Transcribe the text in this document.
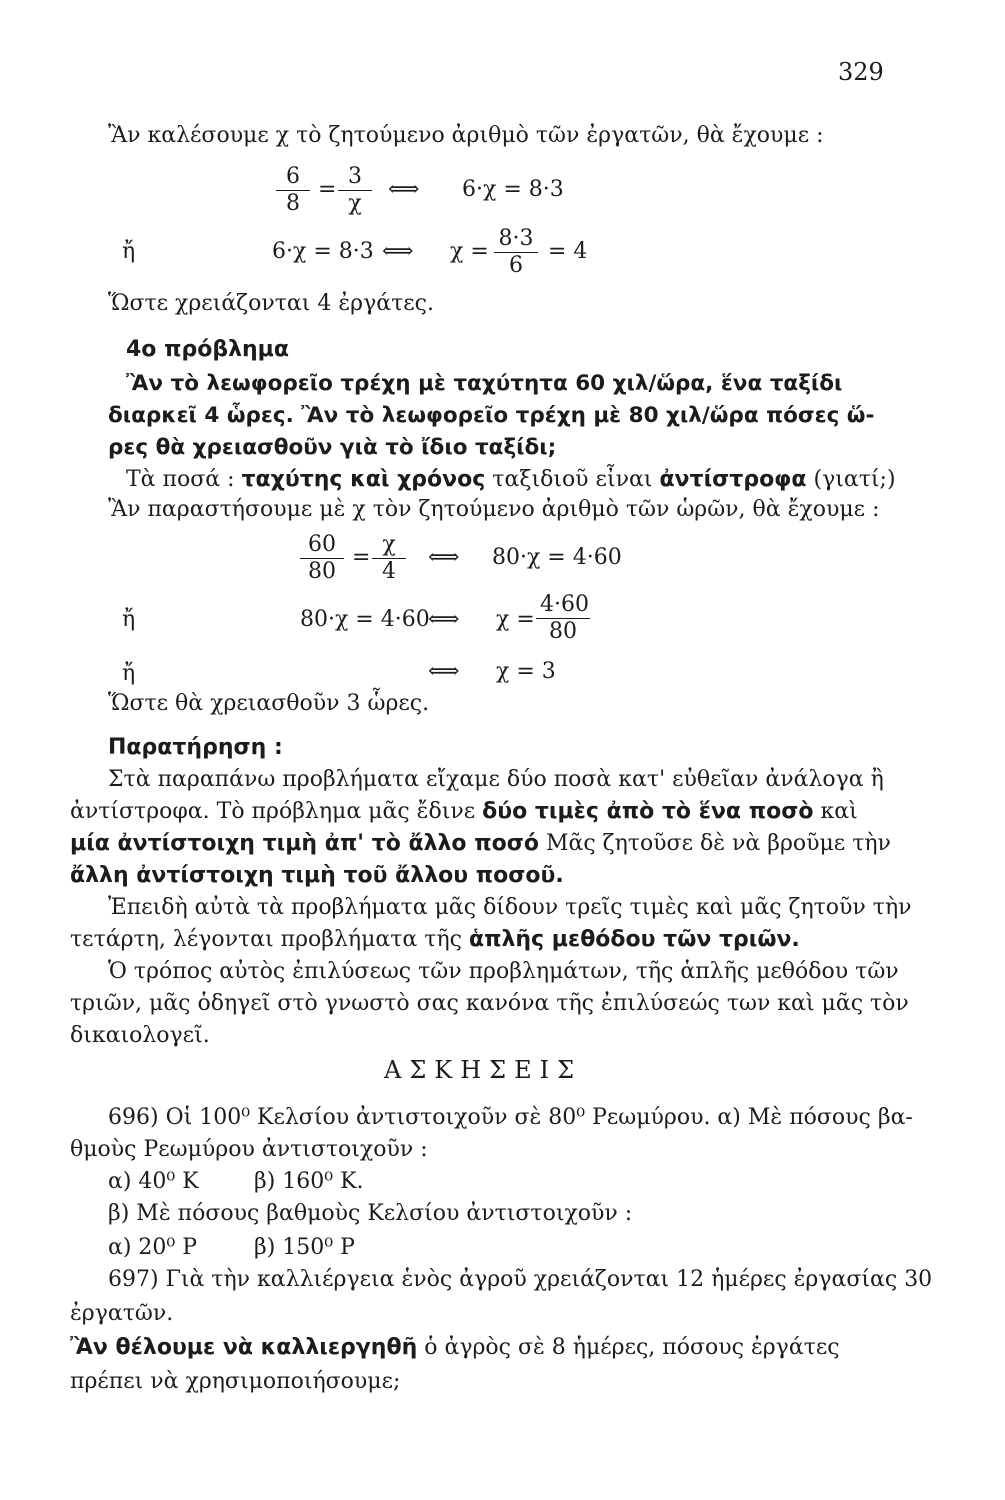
329
Ἂν καλέσουμε χ τὸ ζητούμενο ἀριθμὸ τῶν ἐργατῶν, θὰ ἔχουμε :
$\frac{6}{8} = \frac{3}{\chi}$ ⟺ 6·χ = 8·3
ἤ	6·χ = 8·3 ⟺ $\chi = \frac{8\cdot 3}{6} = 4$
Ὥστε χρειάζονται 4 ἐργάτες.
4ο πρόβλημα
Ἂν τὸ λεωφορεῖο τρέχη μὲ ταχύτητα 60 χιλ/ὥρα, ἕνα ταξίδι
διαρκεῖ 4 ὧρες. Ἂν τὸ λεωφορεῖο τρέχη μὲ 80 χιλ/ὥρα πόσες ὥ-
ρες θὰ χρειασθοῦν γιὰ τὸ ἴδιο ταξίδι;
Τὰ ποσά : ταχύτης καὶ χρόνος ταξιδιοῦ εἶναι ἀντίστροφα (γιατί;)
Ἂν παραστήσουμε μὲ χ τὸν ζητούμενο ἀριθμὸ τῶν ὡρῶν, θὰ ἔχουμε :
$\frac{60}{80} = \frac{\chi}{4}$ ⟺ 80·χ = 4·60
ἤ	80·χ = 4·60
⟺ $\chi = \frac{4\cdot 60}{80}$
ἤ	⟺ χ = 3
Ὥστε θὰ χρειασθοῦν 3 ὧρες.
Παρατήρηση :
Στὰ παραπάνω προβλήματα εἴχαμε δύο ποσὰ κατ' εὐθεῖαν ἀνάλογα ἢ
ἀντίστροφα. Τὸ πρόβλημα μᾶς ἔδινε δύο τιμὲς ἀπὸ τὸ ἕνα ποσὸ καὶ
μία ἀντίστοιχη τιμὴ ἀπ' τὸ ἄλλο ποσό Μᾶς ζητοῦσε δὲ νὰ βροῦμε τὴν
ἄλλη ἀντίστοιχη τιμὴ τοῦ ἄλλου ποσοῦ.
Ἐπειδὴ αὐτὰ τὰ προβλήματα μᾶς δίδουν τρεῖς τιμὲς καὶ μᾶς ζητοῦν τὴν
τετάρτη, λέγονται προβλήματα τῆς ἁπλῆς μεθόδου τῶν τριῶν.
Ὁ τρόπος αὐτὸς ἐπιλύσεως τῶν προβλημάτων, τῆς ἁπλῆς μεθόδου τῶν
τριῶν, μᾶς ὁδηγεῖ στὸ γνωστὸ σας κανόνα τῆς ἐπιλύσεώς των καὶ μᾶς τὸν
δικαιολογεῖ.
ΑΣΚΗΣΕΙΣ
696) Οἱ 100⁰ Κελσίου ἀντιστοιχοῦν σὲ 80⁰ Ρεωμύρου. α) Μὲ πόσους βα-
θμοὺς Ρεωμύρου ἀντιστοιχοῦν :
α) 40⁰ Κ	β) 160⁰ Κ.
β) Μὲ πόσους βαθμοὺς Κελσίου ἀντιστοιχοῦν :
α) 20⁰ Ρ	β) 150⁰ Ρ
697) Γιὰ τὴν καλλιέργεια ἑνὸς ἀγροῦ χρειάζονται 12 ἡμέρες ἐργασίας 30
ἐργατῶν.
Ἂν θέλουμε νὰ καλλιεργηθῆ ὁ ἀγρὸς σὲ 8 ἡμέρες, πόσους ἐργάτες
πρέπει νὰ χρησιμοποιήσουμε;
